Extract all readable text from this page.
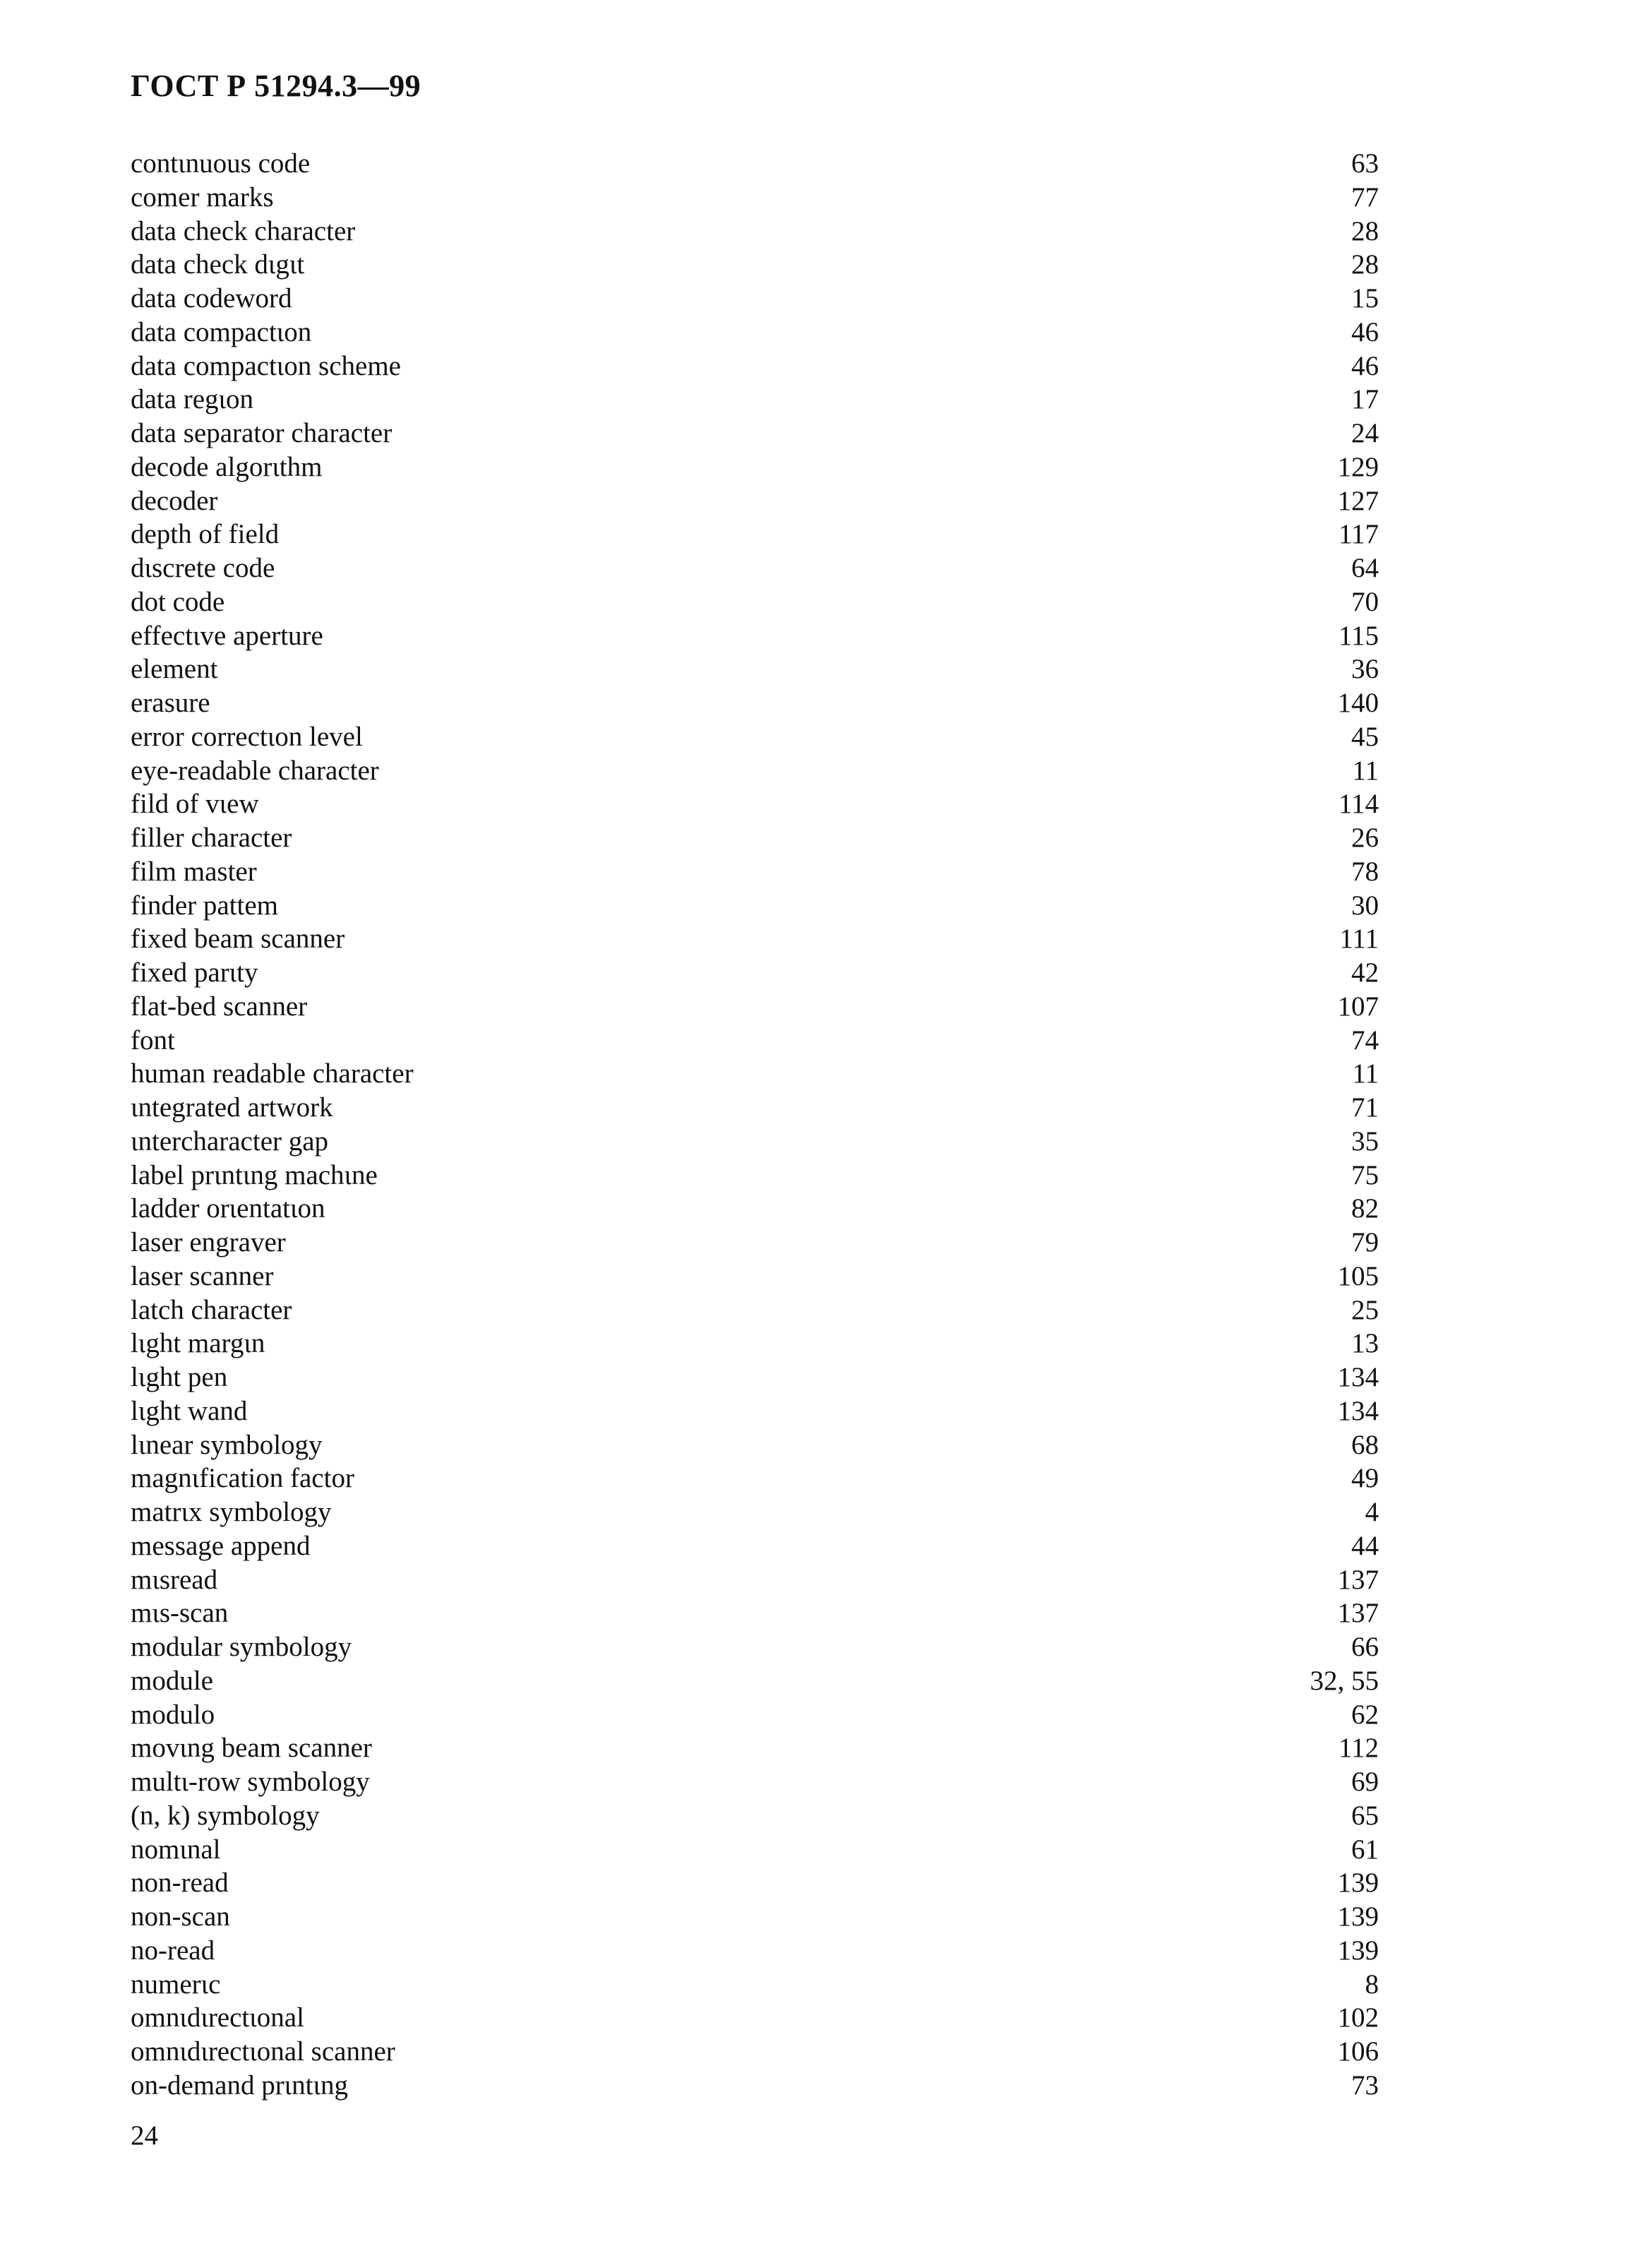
ГОСТ Р 51294.3—99
contιnuous code	63
comer marks	77
data check character	28
data check dιgιt	28
data codeword	15
data compactιon	46
data compactιon scheme	46
data regιon	17
data separator character	24
decode algorιthm	129
decoder	127
depth of field	117
dιscrete code	64
dot code	70
effectιve aperture	115
element	36
erasure	140
error correctιon level	45
eye-readable character	11
fild of vιew	114
filler character	26
film master	78
finder pattem	30
fixed beam scanner	111
fixed parιty	42
flat-bed scanner	107
font	74
human readable character	11
ιntegrated artwork	71
ιntercharacter gap	35
label prιntιng machιne	75
ladder orιentatιon	82
laser engraver	79
laser scanner	105
latch character	25
lιght margιn	13
lιght pen	134
lιght wand	134
lιnear symbology	68
magnιfication factor	49
matrιx symbology	4
message append	44
mιsread	137
mιs-scan	137
modular symbology	66
module	32, 55
modulo	62
movιng beam scanner	112
multι-row symbology	69
(n, k) symbology	65
nomιnal	61
non-read	139
non-scan	139
no-read	139
numerιc	8
omnιdιrectιonal	102
omnιdιrectιonal scanner	106
on-demand prιntιng	73
24
